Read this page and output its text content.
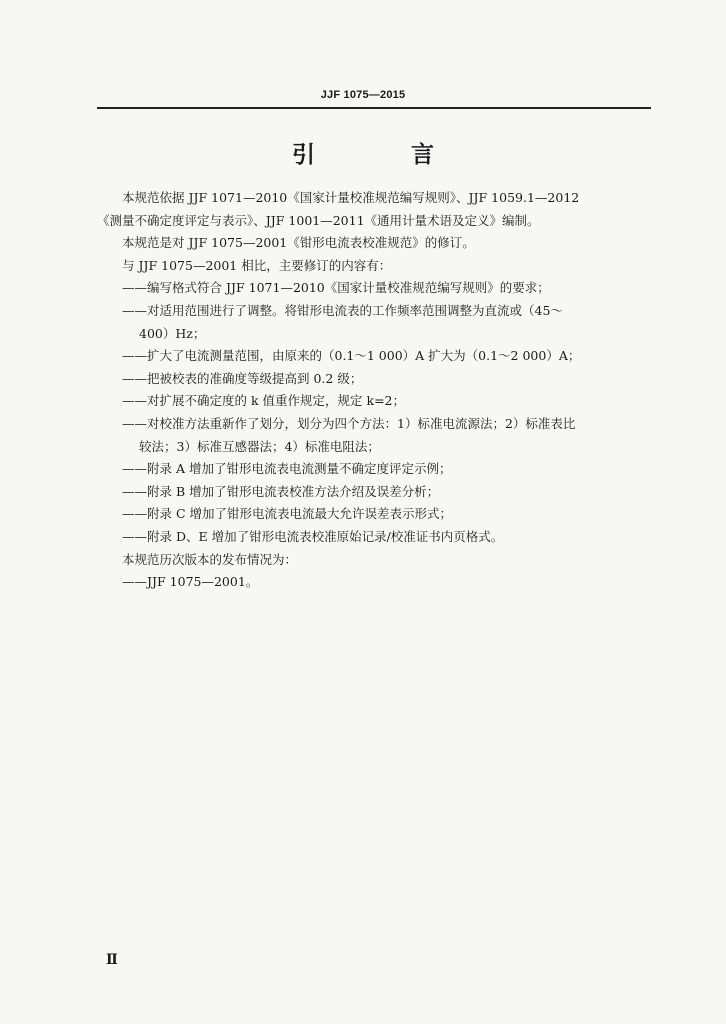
JJF 1075—2015
引 言

本规范依据 JJF 1071—2010《国家计量校准规范编写规则》、JJF 1059.1—2012

《测量不确定度评定与表示》、JJF 1001—2011《通用计量术语及定义》编制。

本规范是对 JJF 1075—2001《钳形电流表校准规范》的修订。

与 JJF 1075—2001 相比，主要修订的内容有：

——编写格式符合 JJF 1071—2010《国家计量校准规范编写规则》的要求；

——对适用范围进行了调整。将钳形电流表的工作频率范围调整为直流或（45～

400）Hz；

——扩大了电流测量范围，由原来的（0.1～1 000）A 扩大为（0.1～2 000）A；

——把被校表的准确度等级提高到 0.2 级；

——对扩展不确定度的 k 值重作规定，规定 k=2；

——对校准方法重新作了划分，划分为四个方法：1）标准电流源法；2）标准表比

较法；3）标准互感器法；4）标准电阻法；

——附录 A 增加了钳形电流表电流测量不确定度评定示例；

——附录 B 增加了钳形电流表校准方法介绍及误差分析；

——附录 C 增加了钳形电流表电流最大允许误差表示形式；

——附录 D、E 增加了钳形电流表校准原始记录/校准证书内页格式。

本规范历次版本的发布情况为：

——JJF 1075—2001。

Ⅱ
